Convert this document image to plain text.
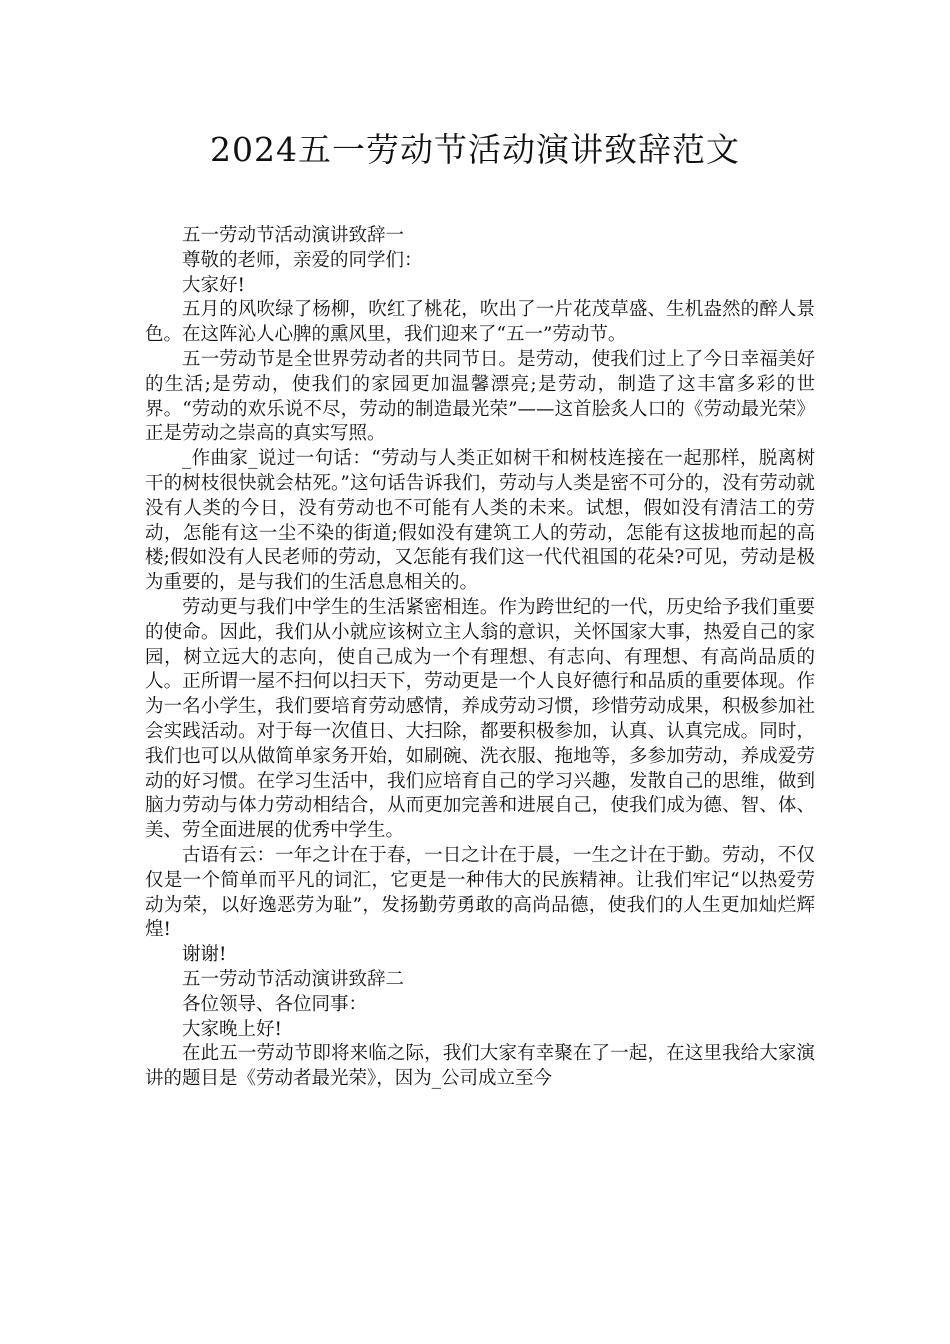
2024五一劳动节活动演讲致辞范文

五一劳动节活动演讲致辞一

尊敬的老师，亲爱的同学们：

大家好!

五月的风吹绿了杨柳，吹红了桃花，吹出了一片花茂草盛、生机盎然的醉人景色。在这阵沁人心脾的熏风里，我们迎来了“五一”劳动节。

五一劳动节是全世界劳动者的共同节日。是劳动，使我们过上了今日幸福美好的生活;是劳动，使我们的家园更加温馨漂亮;是劳动，制造了这丰富多彩的世界。“劳动的欢乐说不尽，劳动的制造最光荣”——这首脍炙人口的《劳动最光荣》正是劳动之崇高的真实写照。

_作曲家_说过一句话：“劳动与人类正如树干和树枝连接在一起那样，脱离树干的树枝很快就会枯死。”这句话告诉我们，劳动与人类是密不可分的，没有劳动就没有人类的今日，没有劳动也不可能有人类的未来。试想，假如没有清洁工的劳动，怎能有这一尘不染的街道;假如没有建筑工人的劳动，怎能有这拔地而起的高楼;假如没有人民老师的劳动，又怎能有我们这一代代祖国的花朵?可见，劳动是极为重要的，是与我们的生活息息相关的。

劳动更与我们中学生的生活紧密相连。作为跨世纪的一代，历史给予我们重要的使命。因此，我们从小就应该树立主人翁的意识，关怀国家大事，热爱自己的家园，树立远大的志向，使自己成为一个有理想、有志向、有理想、有高尚品质的人。正所谓一屋不扫何以扫天下，劳动更是一个人良好德行和品质的重要体现。作为一名小学生，我们要培育劳动感情，养成劳动习惯，珍惜劳动成果，积极参加社会实践活动。对于每一次值日、大扫除，都要积极参加，认真、认真完成。同时，我们也可以从做简单家务开始，如刷碗、洗衣服、拖地等，多参加劳动，养成爱劳动的好习惯。在学习生活中，我们应培育自己的学习兴趣，发散自己的思维，做到脑力劳动与体力劳动相结合，从而更加完善和进展自己，使我们成为德、智、体、美、劳全面进展的优秀中学生。

古语有云：一年之计在于春，一日之计在于晨，一生之计在于勤。劳动，不仅仅是一个简单而平凡的词汇，它更是一种伟大的民族精神。让我们牢记“以热爱劳动为荣，以好逸恶劳为耻”，发扬勤劳勇敢的高尚品德，使我们的人生更加灿烂辉煌!

谢谢!

五一劳动节活动演讲致辞二

各位领导、各位同事：

大家晚上好!

在此五一劳动节即将来临之际，我们大家有幸聚在了一起，在这里我给大家演讲的题目是《劳动者最光荣》，因为_公司成立至今
